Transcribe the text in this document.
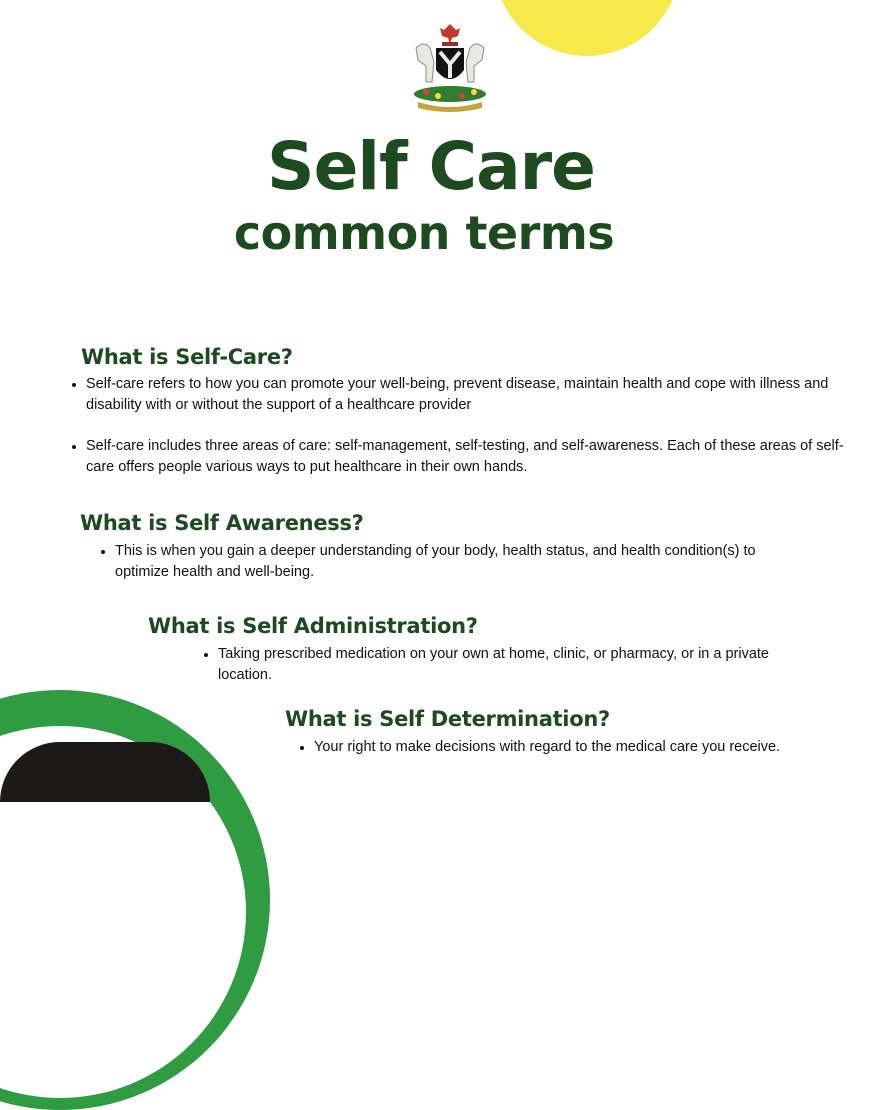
Self Care
common terms
What is Self-Care?
Self-care refers to how you can promote your well-being, prevent disease, maintain health and cope with illness and disability with or without the support of a healthcare provider
Self-care includes three areas of care: self-management, self-testing, and self-awareness. Each of these areas of self-care offers people various ways to put healthcare in their own hands.
What is Self Awareness?
This is when you gain a deeper understanding of your body, health status, and health condition(s) to optimize health and well-being.
What is Self Administration?
Taking prescribed medication on your own at home, clinic, or pharmacy, or in a private location.
What is Self Determination?
Your right to make decisions with regard to the medical care you receive.
